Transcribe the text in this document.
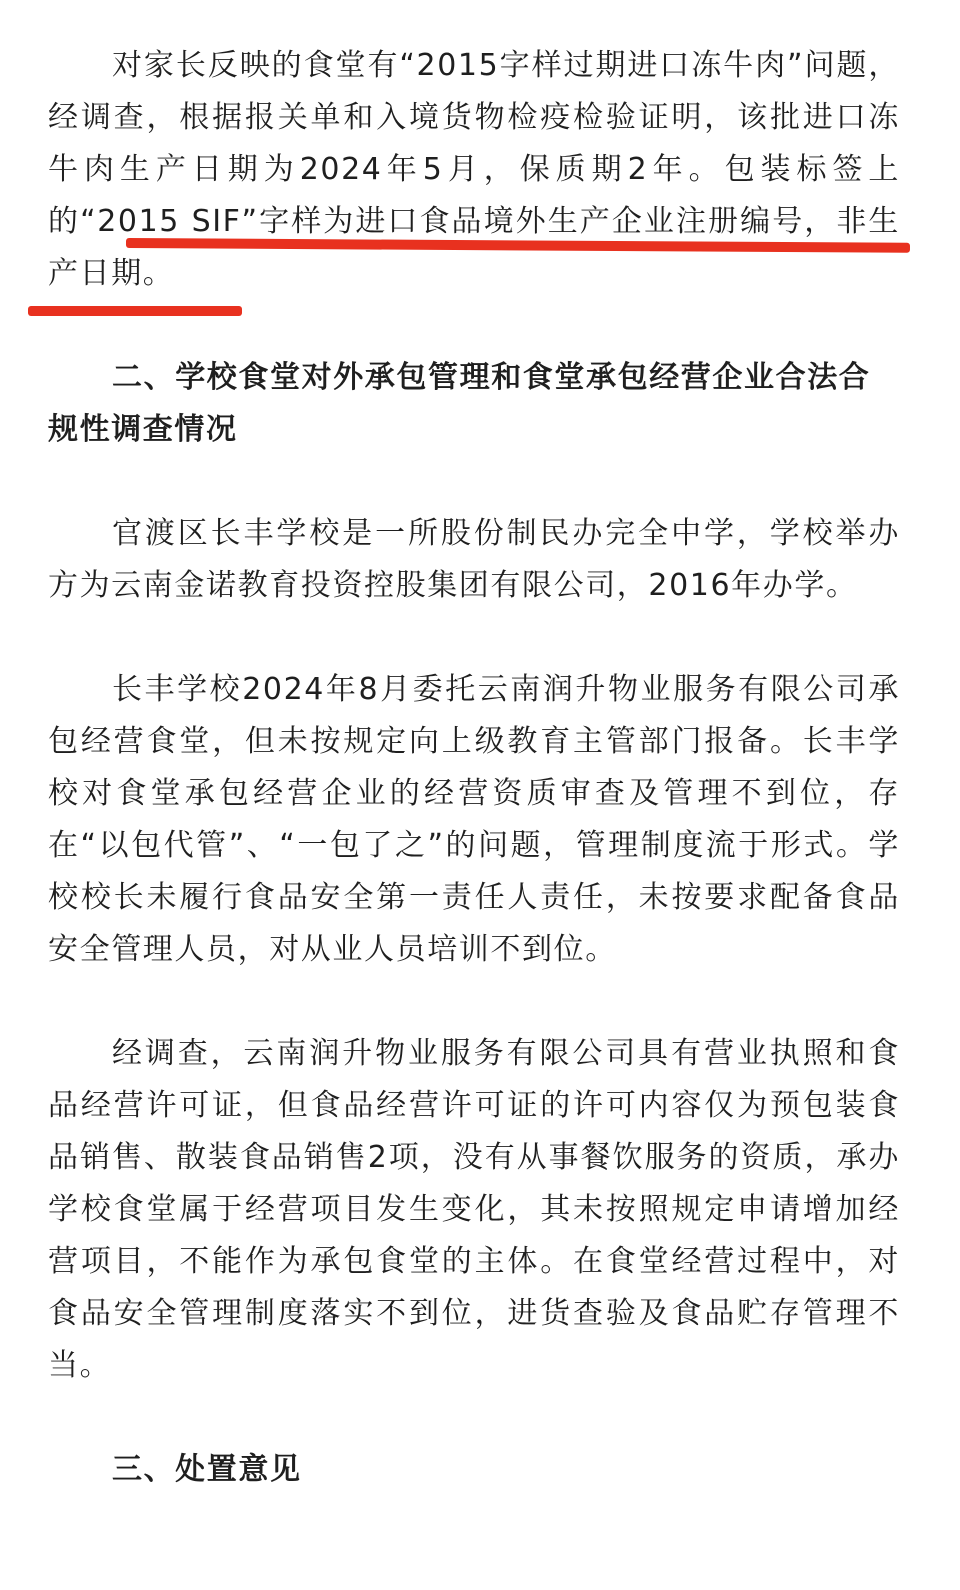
对家长反映的食堂有“2015字样过期进口冻牛肉”问题，经调查，根据报关单和入境货物检疫检验证明，该批进口冻牛肉生产日期为2024年5月，保质期2年。包装标签上的“2015 SIF”字样为进口食品境外生产企业注册编号，非生产日期。

二、学校食堂对外承包管理和食堂承包经营企业合法合规性调查情况

官渡区长丰学校是一所股份制民办完全中学，学校举办方为云南金诺教育投资控股集团有限公司，2016年办学。

长丰学校2024年8月委托云南润升物业服务有限公司承包经营食堂，但未按规定向上级教育主管部门报备。长丰学校对食堂承包经营企业的经营资质审查及管理不到位，存在“以包代管”、“一包了之”的问题，管理制度流于形式。学校校长未履行食品安全第一责任人责任，未按要求配备食品安全管理人员，对从业人员培训不到位。

经调查，云南润升物业服务有限公司具有营业执照和食品经营许可证，但食品经营许可证的许可内容仅为预包装食品销售、散装食品销售2项，没有从事餐饮服务的资质，承办学校食堂属于经营项目发生变化，其未按照规定申请增加经营项目，不能作为承包食堂的主体。在食堂经营过程中，对食品安全管理制度落实不到位，进货查验及食品贮存管理不当。

三、处置意见
